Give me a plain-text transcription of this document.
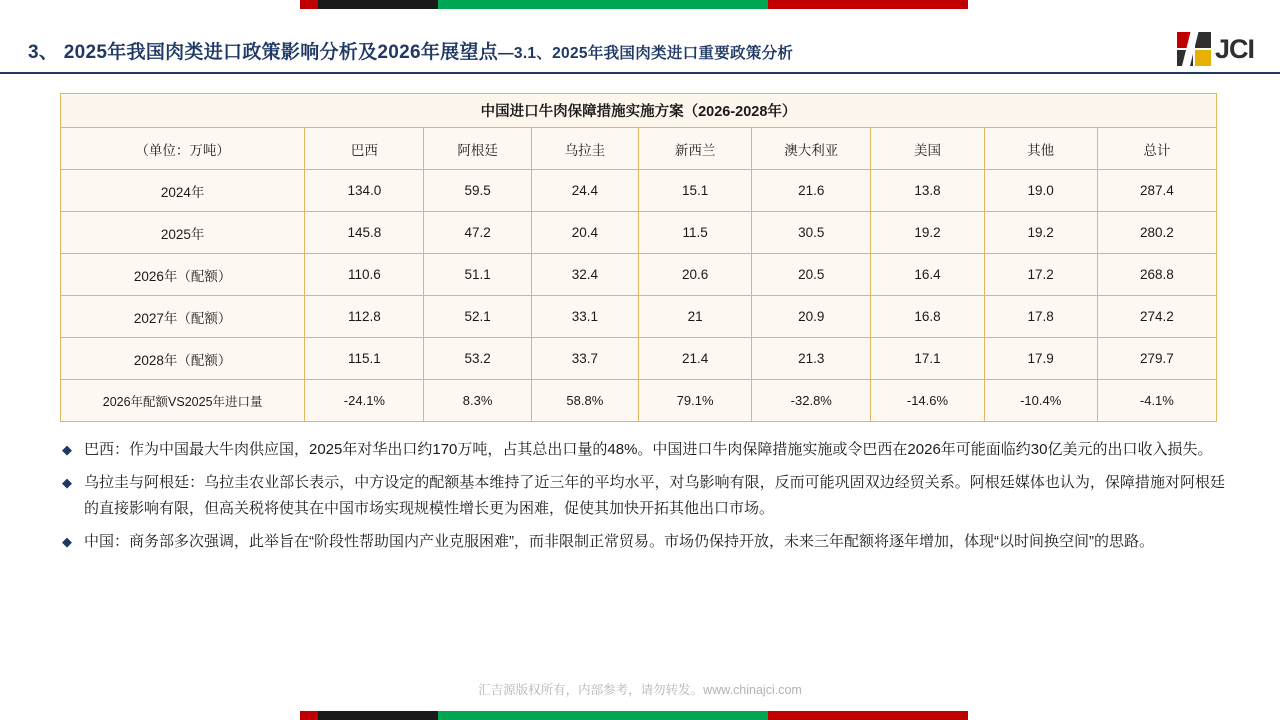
3、 2025年我国肉类进口政策影响分析及2026年展望点—3.1、2025年我国肉类进口重要政策分析	JCI
中国进口牛肉保障措施实施方案（2026-2028年）								
（单位：万吨）	巴西	阿根廷	乌拉圭	新西兰	澳大利亚	美国	其他	总计
2024年	134.0	59.5	24.4	15.1	21.6	13.8	19.0	287.4
2025年	145.8	47.2	20.4	11.5	30.5	19.2	19.2	280.2
2026年（配额）	110.6	51.1	32.4	20.6	20.5	16.4	17.2	268.8
2027年（配额）	112.8	52.1	33.1	21	20.9	16.8	17.8	274.2
2028年（配额）	115.1	53.2	33.7	21.4	21.3	17.1	17.9	279.7
2026年配额VS2025年进口量	-24.1%	8.3%	58.8%	79.1%	-32.8%	-14.6%	-10.4%	-4.1%
◆ 巴西：作为中国最大牛肉供应国，2025年对华出口约170万吨，占其总出口量的48%。中国进口牛肉保障措施实施或令巴西在2026年可能面临约30亿美元的出口收入损失。
◆ 乌拉圭与阿根廷：乌拉圭农业部长表示，中方设定的配额基本维持了近三年的平均水平，对乌影响有限，反而可能巩固双边经贸关系。阿根廷媒体也认为，保障措施对阿根廷的直接影响有限，但高关税将使其在中国市场实现规模性增长更为困难，促使其加快开拓其他出口市场。
◆ 中国：商务部多次强调，此举旨在“阶段性帮助国内产业克服困难”，而非限制正常贸易。市场仍保持开放，未来三年配额将逐年增加，体现“以时间换空间”的思路。
汇吉源版权所有，内部参考，请勿转发。www.chinajci.com
